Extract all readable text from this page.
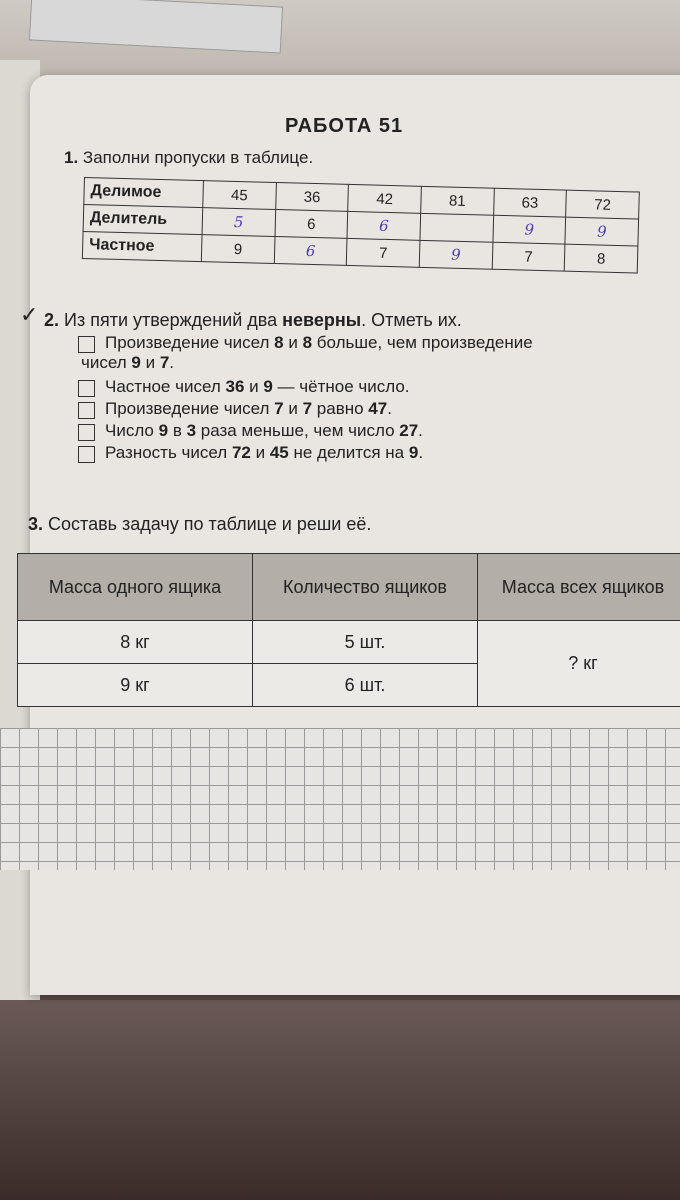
РАБОТА 51
1. Заполни пропуски в таблице.
Делимое	45	36	42	81	63	72
Делитель	5	6	6		9	9
Частное	9	6	7	9	7	8
✓ 2. Из пяти утверждений два неверны. Отметь их.
Произведение чисел 8 и 8 больше, чем произведение
чисел 9 и 7.
Частное чисел 36 и 9 — чётное число.
Произведение чисел 7 и 7 равно 47.
Число 9 в 3 раза меньше, чем число 27.
Разность чисел 72 и 45 не делится на 9.
3. Составь задачу по таблице и реши её.
Масса одного ящика	Количество ящиков	Масса всех ящиков
8 кг	5 шт.	? кг
9 кг	6 шт.	
